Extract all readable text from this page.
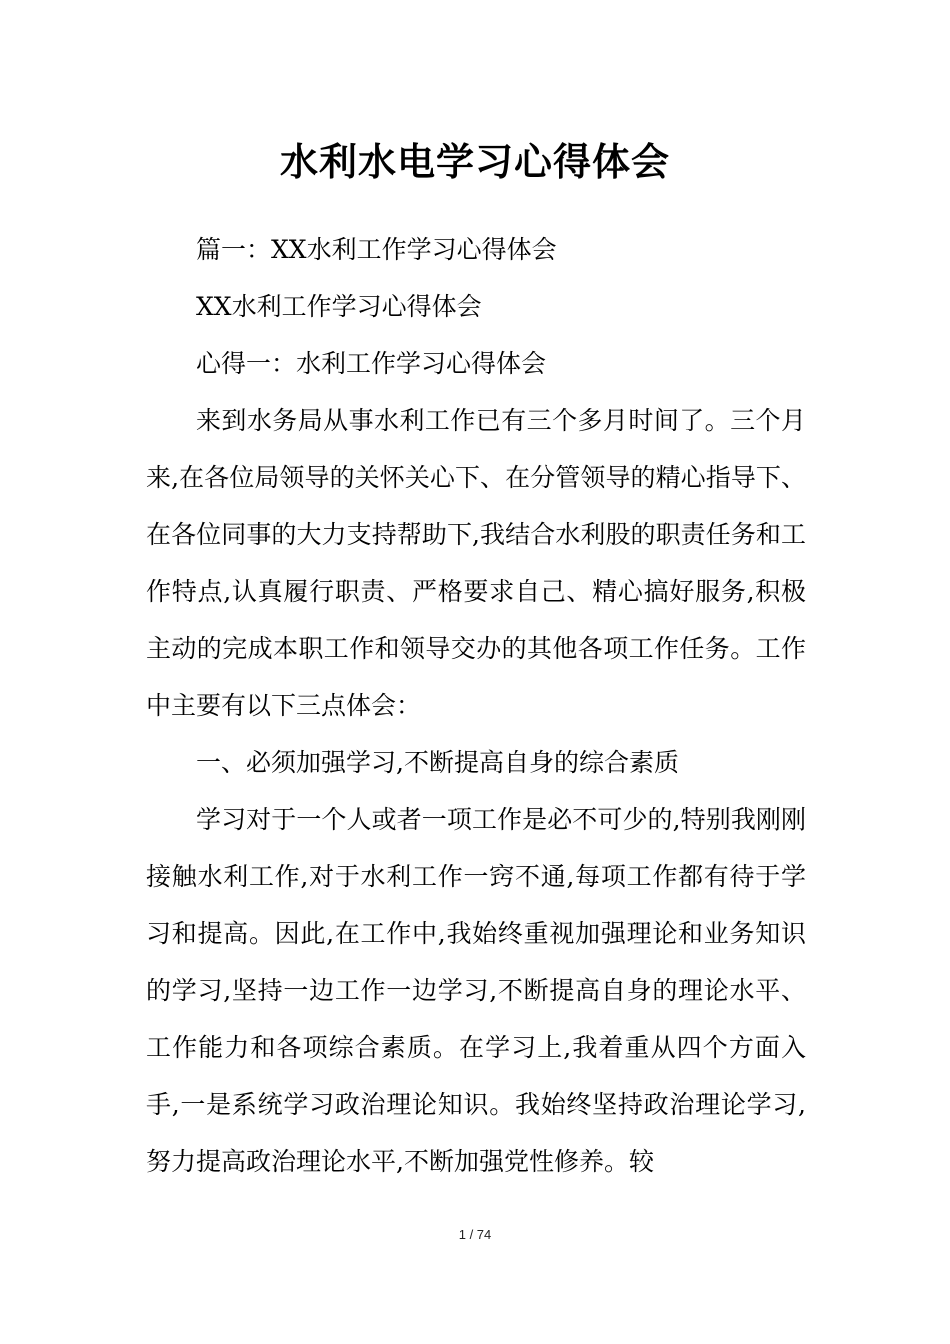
水利水电学习心得体会

篇一：XX水利工作学习心得体会

XX水利工作学习心得体会

心得一：水利工作学习心得体会

来到水务局从事水利工作已有三个多月时间了。三个月来,在各位局领导的关怀关心下、在分管领导的精心指导下、在各位同事的大力支持帮助下,我结合水利股的职责任务和工作特点,认真履行职责、严格要求自己、精心搞好服务,积极主动的完成本职工作和领导交办的其他各项工作任务。工作中主要有以下三点体会：

一、必须加强学习,不断提高自身的综合素质

学习对于一个人或者一项工作是必不可少的,特别我刚刚接触水利工作,对于水利工作一窍不通,每项工作都有待于学习和提高。因此,在工作中,我始终重视加强理论和业务知识的学习,坚持一边工作一边学习,不断提高自身的理论水平、工作能力和各项综合素质。在学习上,我着重从四个方面入手,一是系统学习政治理论知识。我始终坚持政治理论学习,努力提高政治理论水平,不断加强党性修养。较

1 / 74
